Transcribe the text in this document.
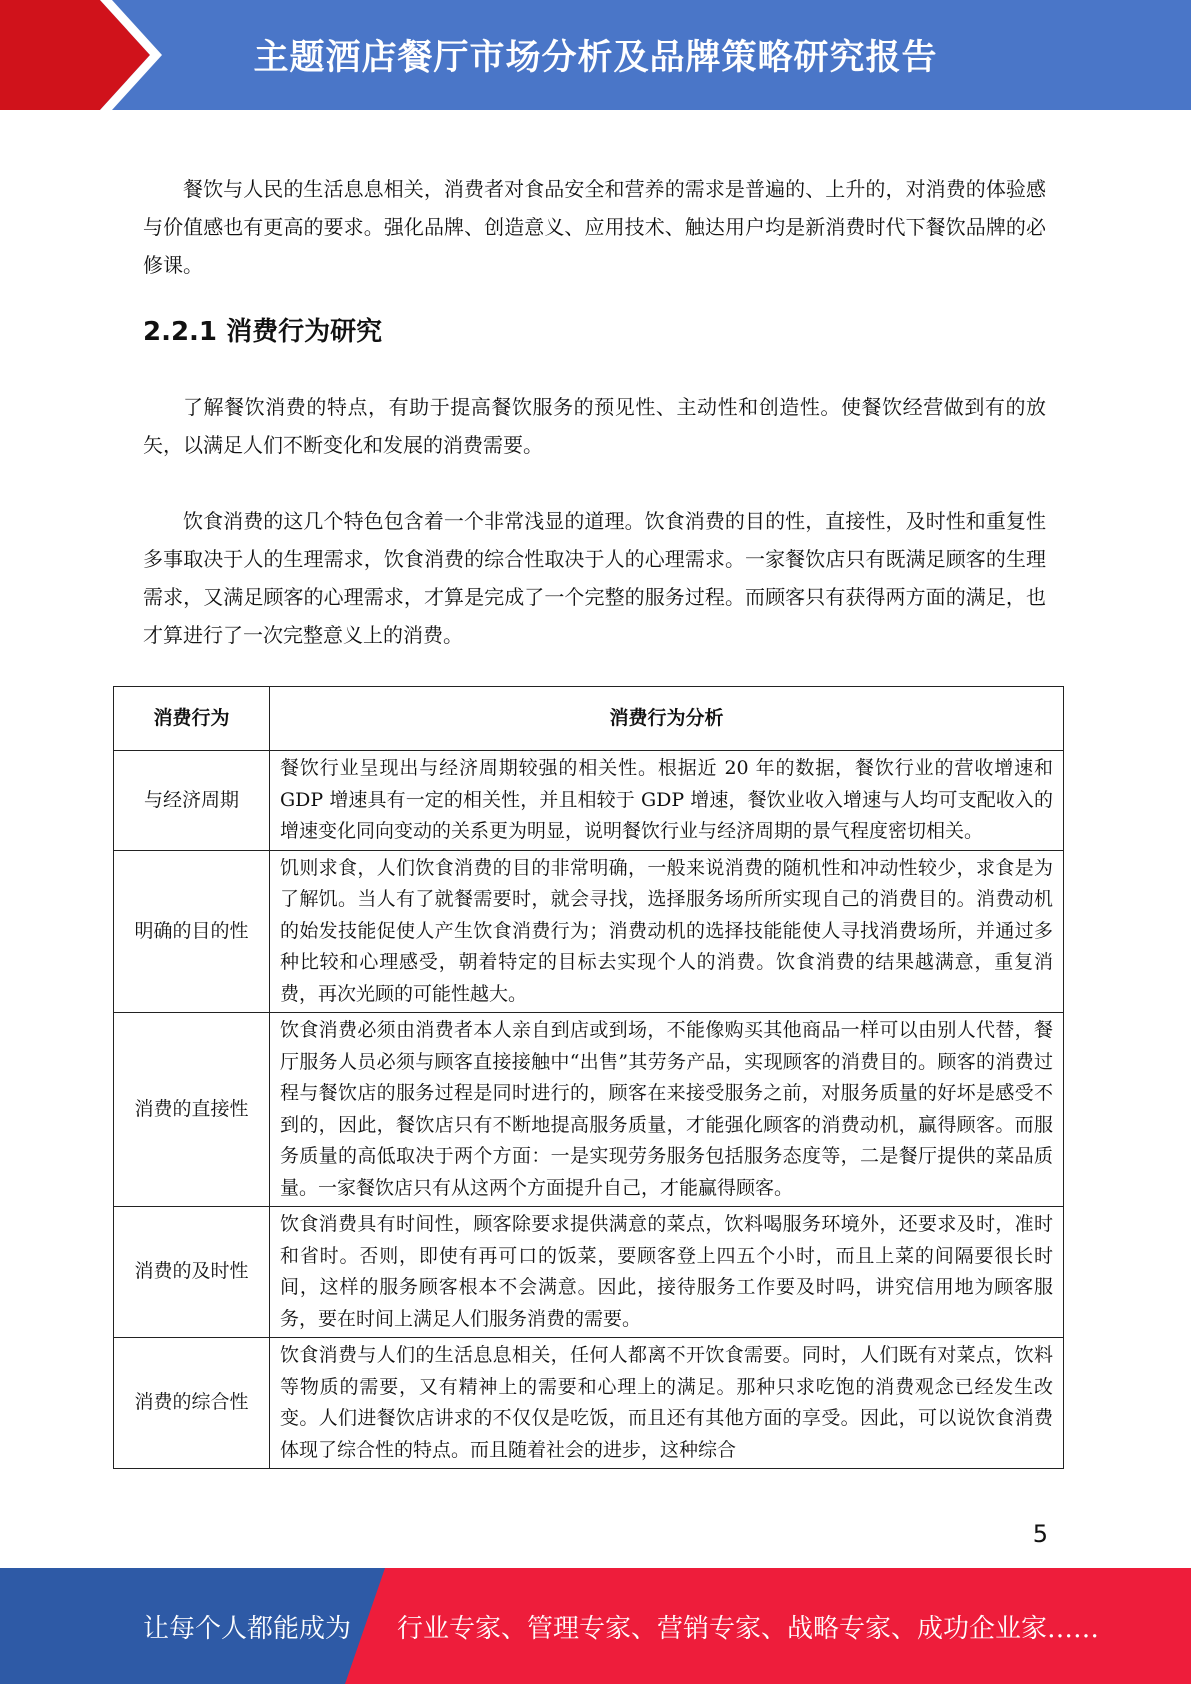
主题酒店餐厅市场分析及品牌策略研究报告

餐饮与人民的生活息息相关，消费者对食品安全和营养的需求是普遍的、上升的，对消费的体验感与价值感也有更高的要求。强化品牌、创造意义、应用技术、触达用户均是新消费时代下餐饮品牌的必修课。

2.2.1 消费行为研究

了解餐饮消费的特点，有助于提高餐饮服务的预见性、主动性和创造性。使餐饮经营做到有的放矢，以满足人们不断变化和发展的消费需要。

饮食消费的这几个特色包含着一个非常浅显的道理。饮食消费的目的性，直接性，及时性和重复性多事取决于人的生理需求，饮食消费的综合性取决于人的心理需求。一家餐饮店只有既满足顾客的生理需求，又满足顾客的心理需求，才算是完成了一个完整的服务过程。而顾客只有获得两方面的满足，也才算进行了一次完整意义上的消费。

消费行为	消费行为分析
与经济周期	餐饮行业呈现出与经济周期较强的相关性。根据近 20 年的数据，餐饮行业的营收增速和 GDP 增速具有一定的相关性，并且相较于 GDP 增速，餐饮业收入增速与人均可支配收入的增速变化同向变动的关系更为明显，说明餐饮行业与经济周期的景气程度密切相关。
明确的目的性	饥则求食，人们饮食消费的目的非常明确，一般来说消费的随机性和冲动性较少，求食是为了解饥。当人有了就餐需要时，就会寻找，选择服务场所所实现自己的消费目的。消费动机的始发技能促使人产生饮食消费行为；消费动机的选择技能能使人寻找消费场所，并通过多种比较和心理感受，朝着特定的目标去实现个人的消费。饮食消费的结果越满意，重复消费，再次光顾的可能性越大。
消费的直接性	饮食消费必须由消费者本人亲自到店或到场，不能像购买其他商品一样可以由别人代替，餐厅服务人员必须与顾客直接接触中“出售”其劳务产品，实现顾客的消费目的。顾客的消费过程与餐饮店的服务过程是同时进行的，顾客在来接受服务之前，对服务质量的好坏是感受不到的，因此，餐饮店只有不断地提高服务质量，才能强化顾客的消费动机，赢得顾客。而服务质量的高低取决于两个方面：一是实现劳务服务包括服务态度等，二是餐厅提供的菜品质量。一家餐饮店只有从这两个方面提升自己，才能赢得顾客。
消费的及时性	饮食消费具有时间性，顾客除要求提供满意的菜点，饮料喝服务环境外，还要求及时，准时和省时。否则，即使有再可口的饭菜，要顾客登上四五个小时，而且上菜的间隔要很长时间，这样的服务顾客根本不会满意。因此，接待服务工作要及时吗，讲究信用地为顾客服务，要在时间上满足人们服务消费的需要。
消费的综合性	饮食消费与人们的生活息息相关，任何人都离不开饮食需要。同时，人们既有对菜点，饮料等物质的需要，又有精神上的需要和心理上的满足。那种只求吃饱的消费观念已经发生改变。人们进餐饮店讲求的不仅仅是吃饭，而且还有其他方面的享受。因此，可以说饮食消费体现了综合性的特点。而且随着社会的进步，这种综合
5
让每个人都能成为 行业专家、管理专家、营销专家、战略专家、成功企业家……
